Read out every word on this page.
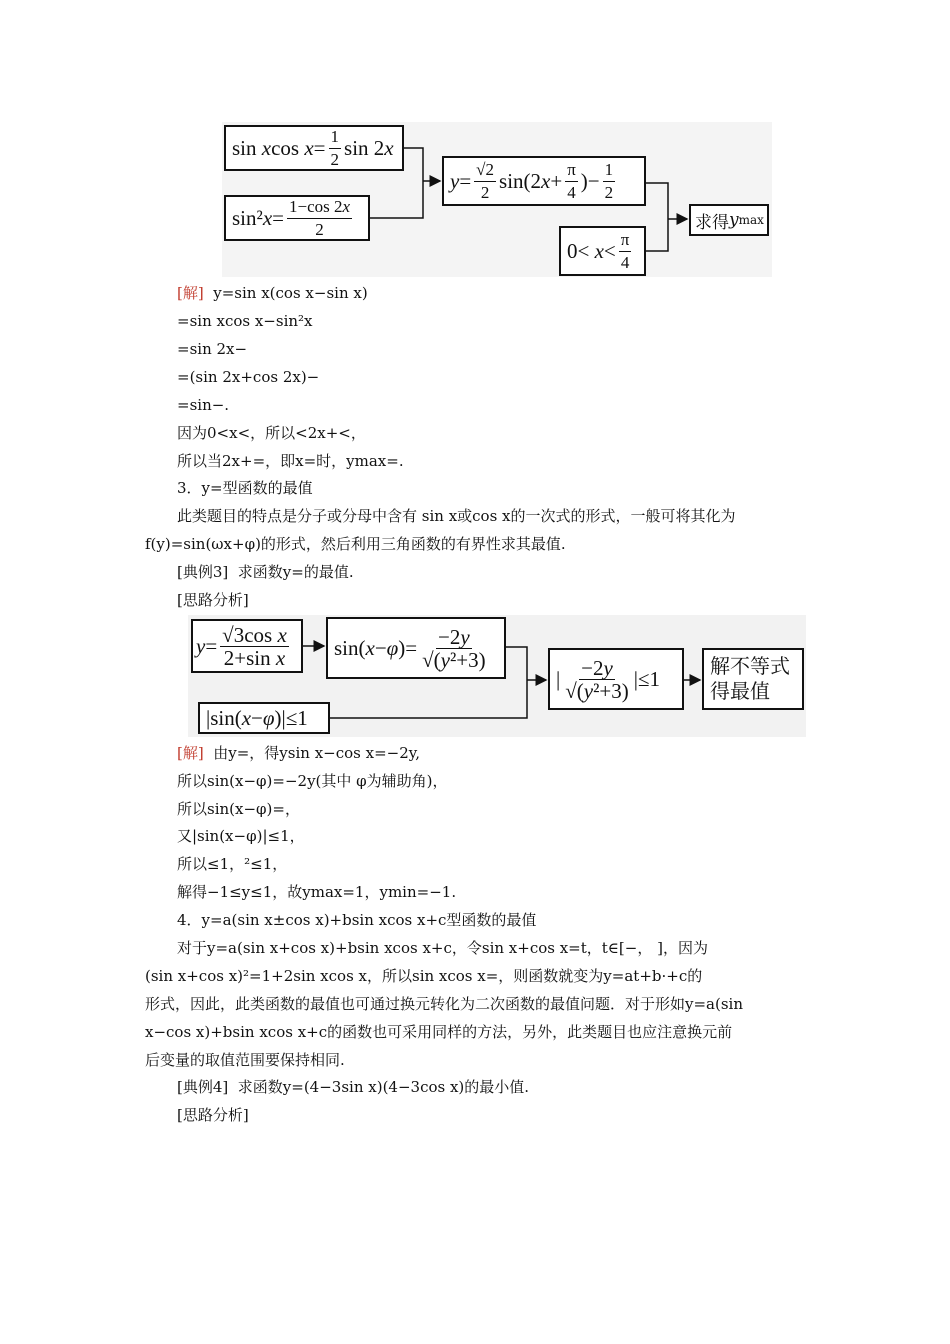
sin xcos $x= \frac{1}{2}$ sin 2x
$\sin^2x= \frac{1-\cos 2x}{2}$
$y= \frac{√2}{2} \sin(2x+ \frac{\pi}{4}$ )− $\frac{1}{2}$
$0< x< \frac{\pi}{4}$
求得 y max
$y= \frac{\text{√3cos x}}{\text{2+sin x}} \sin(x-\varphi)= \frac{-2y}{\text{√(y²+3)}}$
| $\frac{-2y}{\text{√(y²+3)}} |\le 1$
|sin(x−φ)|≤1
解不等式
得最值
[解]  y=sin x(cos x−sin x)
=sin xcos x−sin²x
=sin 2x−
=(sin 2x+cos 2x)−
=sin−.
因为0<x<，所以<2x+<，
所以当2x+=，即x=时，ymax=.
3．y=型函数的最值
此类题目的特点是分子或分母中含有 sin x或cos x的一次式的形式，一般可将其化为
f(y)=sin(ωx+φ)的形式，然后利用三角函数的有界性求其最值.
[典例3]  求函数y=的最值.
[思路分析]
[解]  由y=，得ysin x−cos x=−2y,
所以sin(x−φ)=−2y(其中 φ为辅助角)，
所以sin(x−φ)=，
又|sin(x−φ)|≤1，
所以≤1，²≤1，
解得−1≤y≤1，故ymax=1，ymin=−1.
4．y=a(sin x±cos x)+bsin xcos x+c型函数的最值
对于y=a(sin x+cos x)+bsin xcos x+c，令sin x+cos x=t，t∈[−， ]，因为
(sin x+cos x)²=1+2sin xcos x，所以sin xcos x=，则函数就变为y=at+b·+c的
形式，因此，此类函数的最值也可通过换元转化为二次函数的最值问题．对于形如y=a(sin
x−cos x)+bsin xcos x+c的函数也可采用同样的方法，另外，此类题目也应注意换元前
后变量的取值范围要保持相同.
[典例4]  求函数y=(4−3sin x)(4−3cos x)的最小值.
[思路分析]
